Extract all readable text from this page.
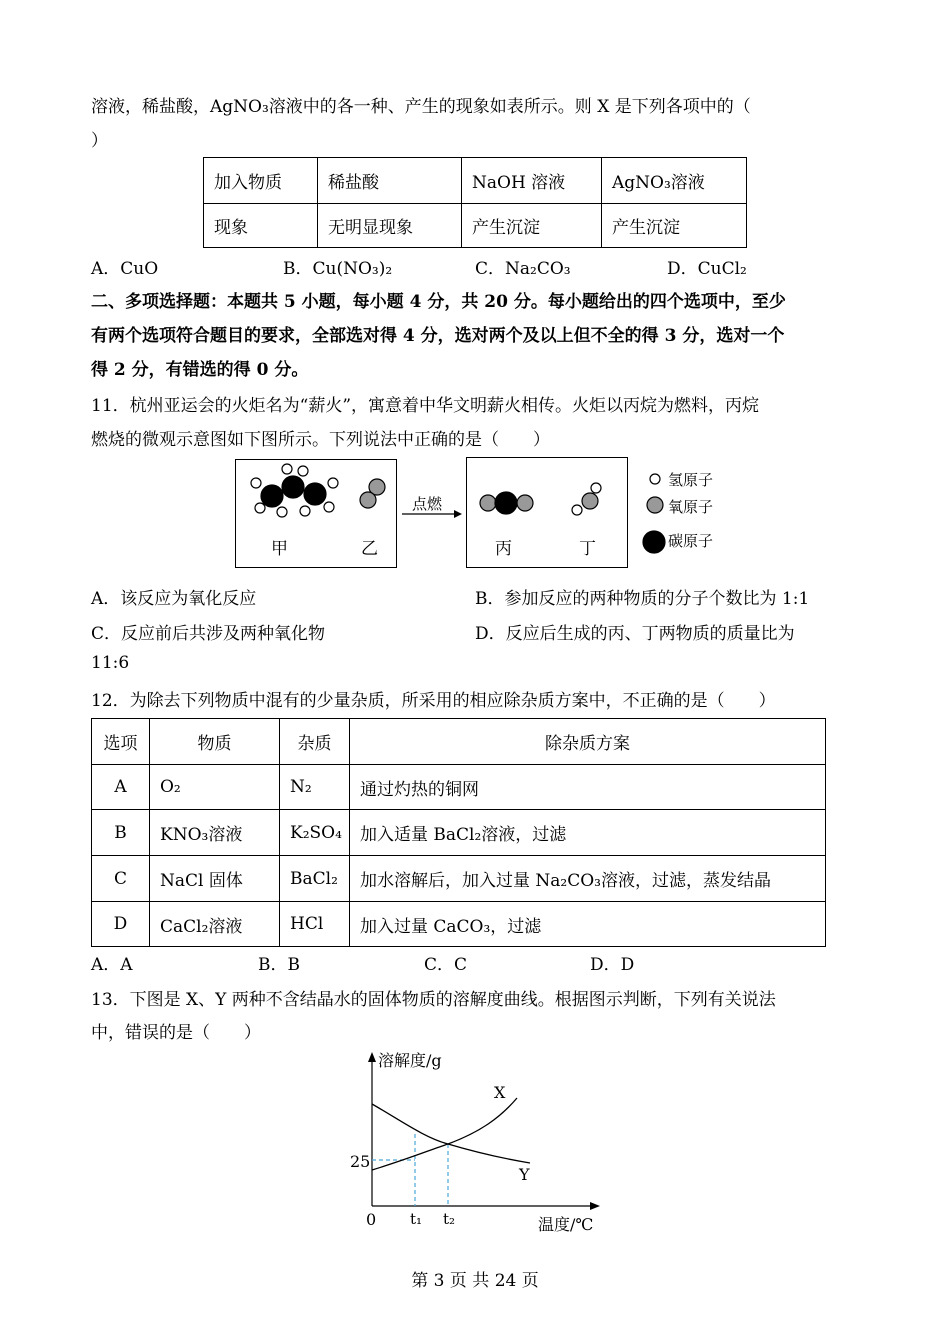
溶液，稀盐酸，AgNO₃溶液中的各一种、产生的现象如表所示。则 X 是下列各项中的（
）
加入物质	稀盐酸	NaOH 溶液	AgNO₃溶液
现象	无明显现象	产生沉淀	产生沉淀
A．CuO	B．Cu(NO₃)₂	C．Na₂CO₃	D．CuCl₂
二、多项选择题：本题共 5 小题，每小题 4 分，共 20 分。每小题给出的四个选项中，至少
有两个选项符合题目的要求，全部选对得 4 分，选对两个及以上但不全的得 3 分，选对一个
得 2 分，有错选的得 0 分。
11．杭州亚运会的火炬名为“薪火”，寓意着中华文明薪火相传。火炬以丙烷为燃料，丙烷
燃烧的微观示意图如下图所示。下列说法中正确的是（　　）
甲	乙
点燃
丙	丁
氢原子
氧原子
碳原子
A．该反应为氧化反应	B．参加反应的两种物质的分子个数比为 1:1
C．反应前后共涉及两种氧化物	D．反应后生成的丙、丁两物质的质量比为
11:6
12．为除去下列物质中混有的少量杂质，所采用的相应除杂质方案中，不正确的是（　　）
选项	物质	杂质	除杂质方案
A	O₂	N₂	通过灼热的铜网
B	KNO₃溶液	K₂SO₄	加入适量 BaCl₂溶液，过滤
C	NaCl 固体	BaCl₂	加水溶解后，加入过量 Na₂CO₃溶液，过滤，蒸发结晶
D	CaCl₂溶液	HCl	加入过量 CaCO₃，过滤
A．A	B．B	C．C	D．D
13．下图是 X、Y 两种不含结晶水的固体物质的溶解度曲线。根据图示判断，下列有关说法
中，错误的是（　　）
溶解度/g
温度/℃
0
25
t₁ t₂
X
Y
第 3 页 共 24 页
